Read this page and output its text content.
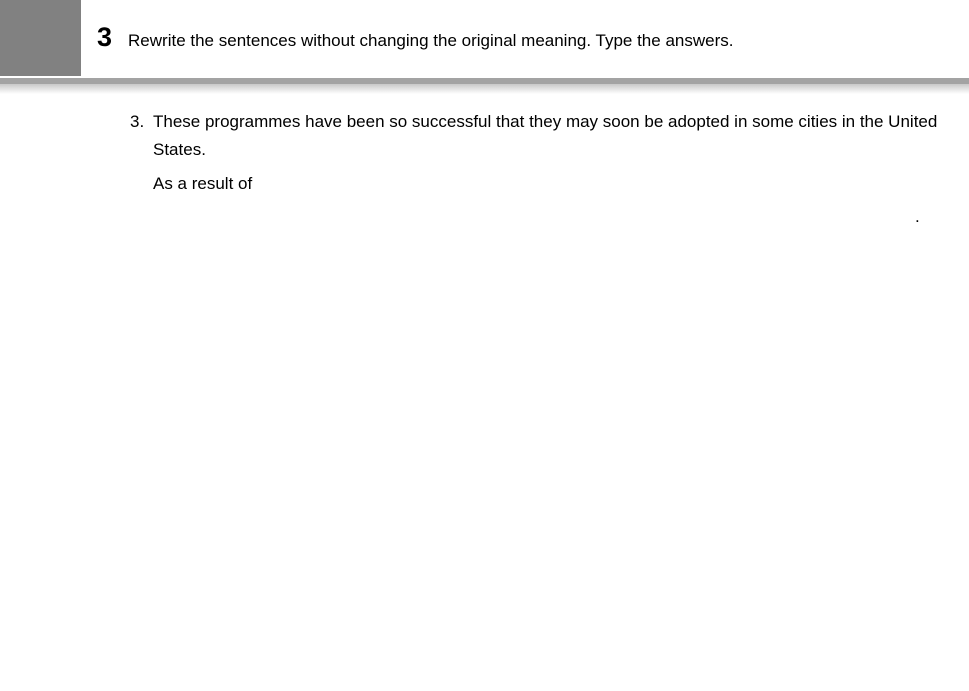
3 Rewrite the sentences without changing the original meaning. Type the answers.
3. These programmes have been so successful that they may soon be adopted in some cities in the United States.

As a result of

.
